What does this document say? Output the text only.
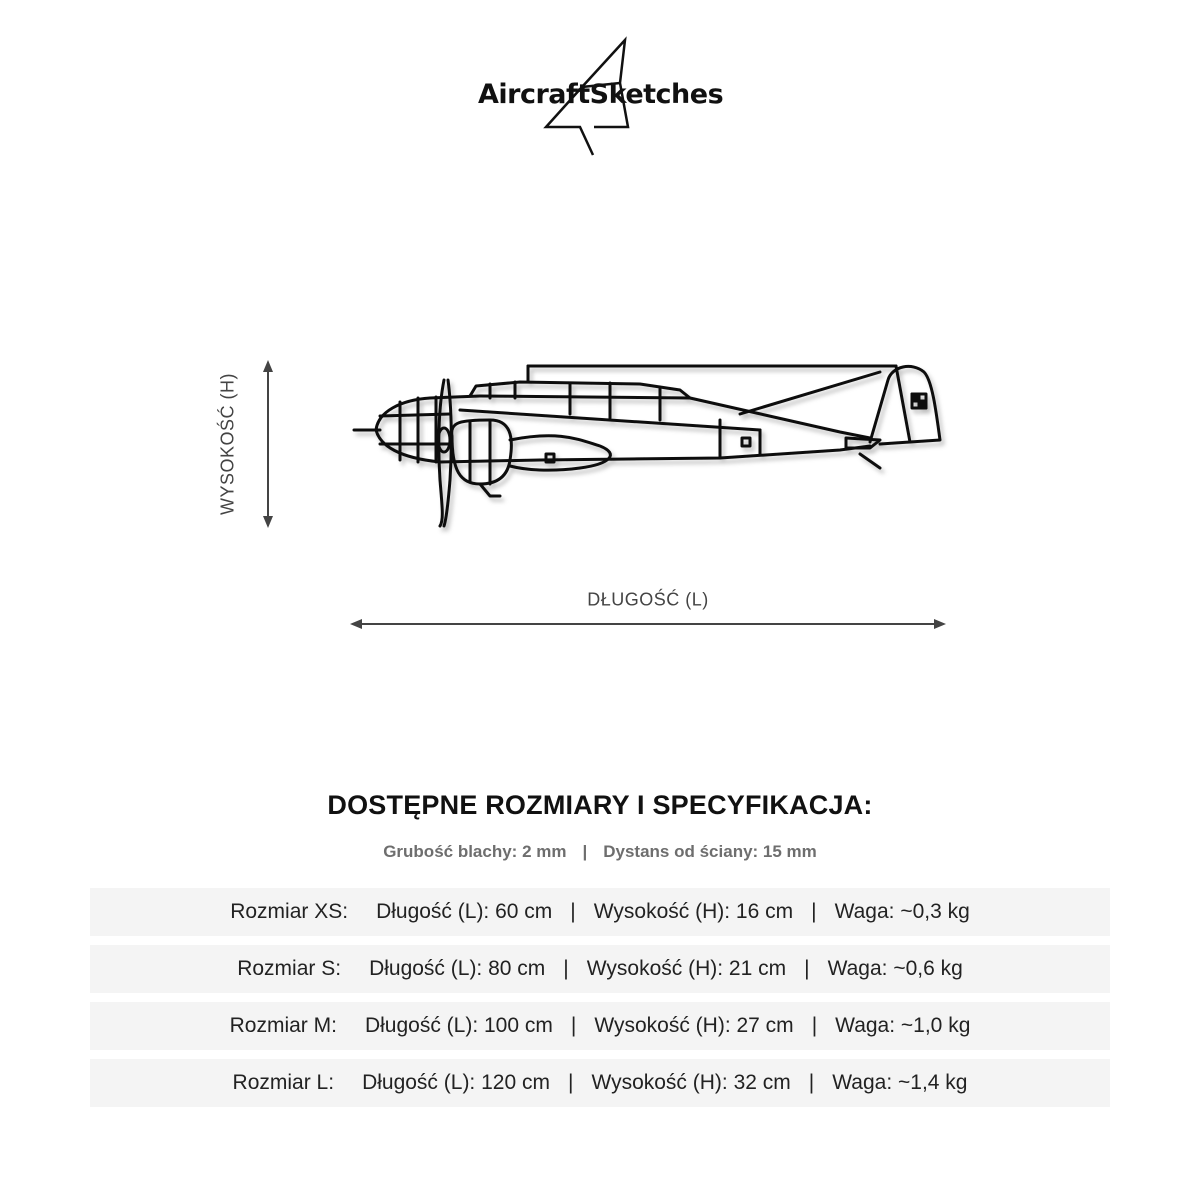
AircraftSketches
WYSOKOŚĆ (H)
DŁUGOŚĆ (L)
DOSTĘPNE ROZMIARY I SPECYFIKACJA:
Grubość blachy: 2 mm | Dystans od ściany: 15 mm
Rozmiar XS: Długość (L): 60 cm | Wysokość (H): 16 cm | Waga: ~0,3 kg
Rozmiar S: Długość (L): 80 cm | Wysokość (H): 21 cm | Waga: ~0,6 kg
Rozmiar M: Długość (L): 100 cm | Wysokość (H): 27 cm | Waga: ~1,0 kg
Rozmiar L: Długość (L): 120 cm | Wysokość (H): 32 cm | Waga: ~1,4 kg
